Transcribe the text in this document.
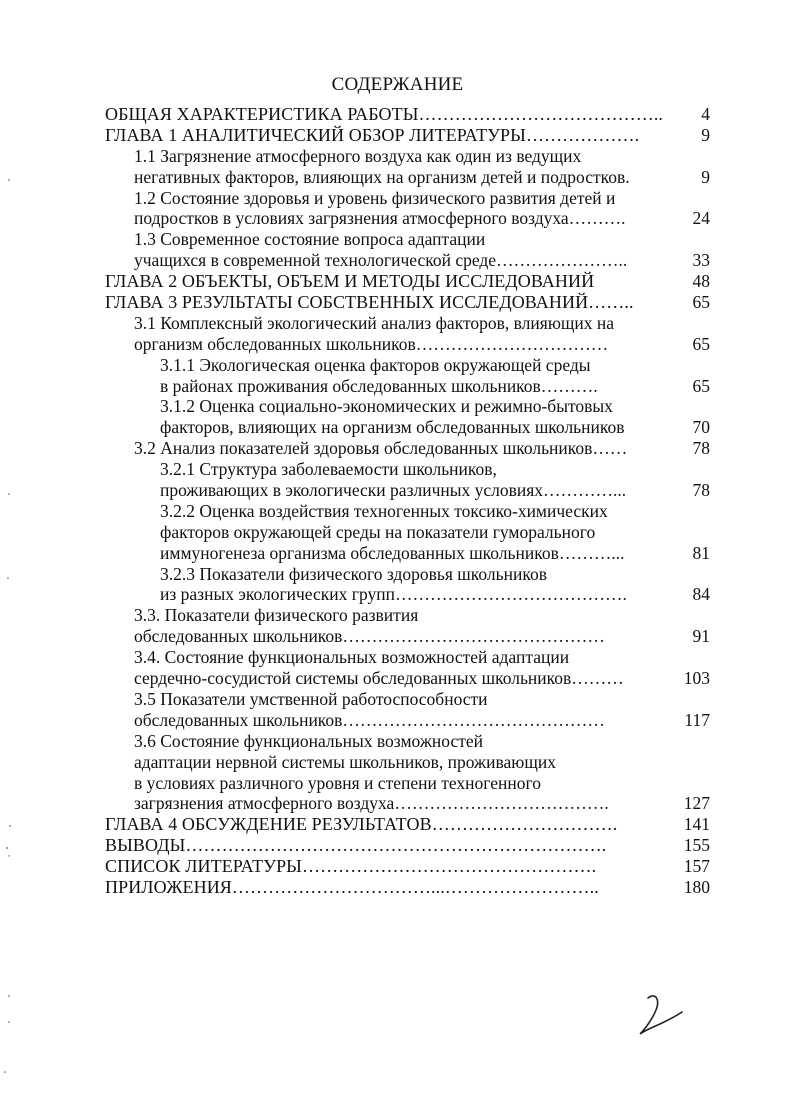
СОДЕРЖАНИЕ
ОБЩАЯ ХАРАКТЕРИСТИКА РАБОТЫ…………………………………..	4
ГЛАВА 1 АНАЛИТИЧЕСКИЙ ОБЗОР ЛИТЕРАТУРЫ……………….	9
1.1 Загрязнение атмосферного воздуха как один из ведущих
негативных факторов, влияющих на организм детей и подростков.	9
1.2 Состояние здоровья и уровень физического развития детей и
подростков в условиях загрязнения атмосферного воздуха……….	24
1.3 Современное состояние вопроса адаптации
учащихся в современной технологической среде…………………..	33
ГЛАВА 2 ОБЪЕКТЫ, ОБЪЕМ И МЕТОДЫ ИССЛЕДОВАНИЙ	48
ГЛАВА 3 РЕЗУЛЬТАТЫ СОБСТВЕННЫХ ИССЛЕДОВАНИЙ……..	65
3.1 Комплексный экологический анализ факторов, влияющих на
организм обследованных школьников……………………………	65
3.1.1 Экологическая оценка факторов окружающей среды
в районах проживания обследованных школьников……….	65
3.1.2 Оценка социально-экономических и режимно-бытовых
факторов, влияющих на организм обследованных школьников	70
3.2 Анализ показателей здоровья обследованных школьников……	78
3.2.1 Структура заболеваемости школьников,
проживающих в экологически различных условиях…………...	78
3.2.2 Оценка воздействия техногенных токсико-химических
факторов окружающей среды на показатели гуморального
иммуногенеза организма обследованных школьников………...	81
3.2.3 Показатели физического здоровья школьников
из разных экологических групп………………………………….	84
3.3. Показатели физического развития
обследованных школьников………………………………………	91
3.4. Состояние функциональных возможностей адаптации
сердечно-сосудистой системы обследованных школьников………	103
3.5 Показатели умственной работоспособности
обследованных школьников………………………………………	117
3.6 Состояние функциональных возможностей
адаптации нервной системы школьников, проживающих
в условиях различного уровня и степени техногенного
загрязнения атмосферного воздуха……………………………….	127
ГЛАВА 4 ОБСУЖДЕНИЕ РЕЗУЛЬТАТОВ………………………….	141
ВЫВОДЫ…………………………………………………………….	155
СПИСОК ЛИТЕРАТУРЫ………………………………………….	157
ПРИЛОЖЕНИЯ……………………………...……………………..	180
